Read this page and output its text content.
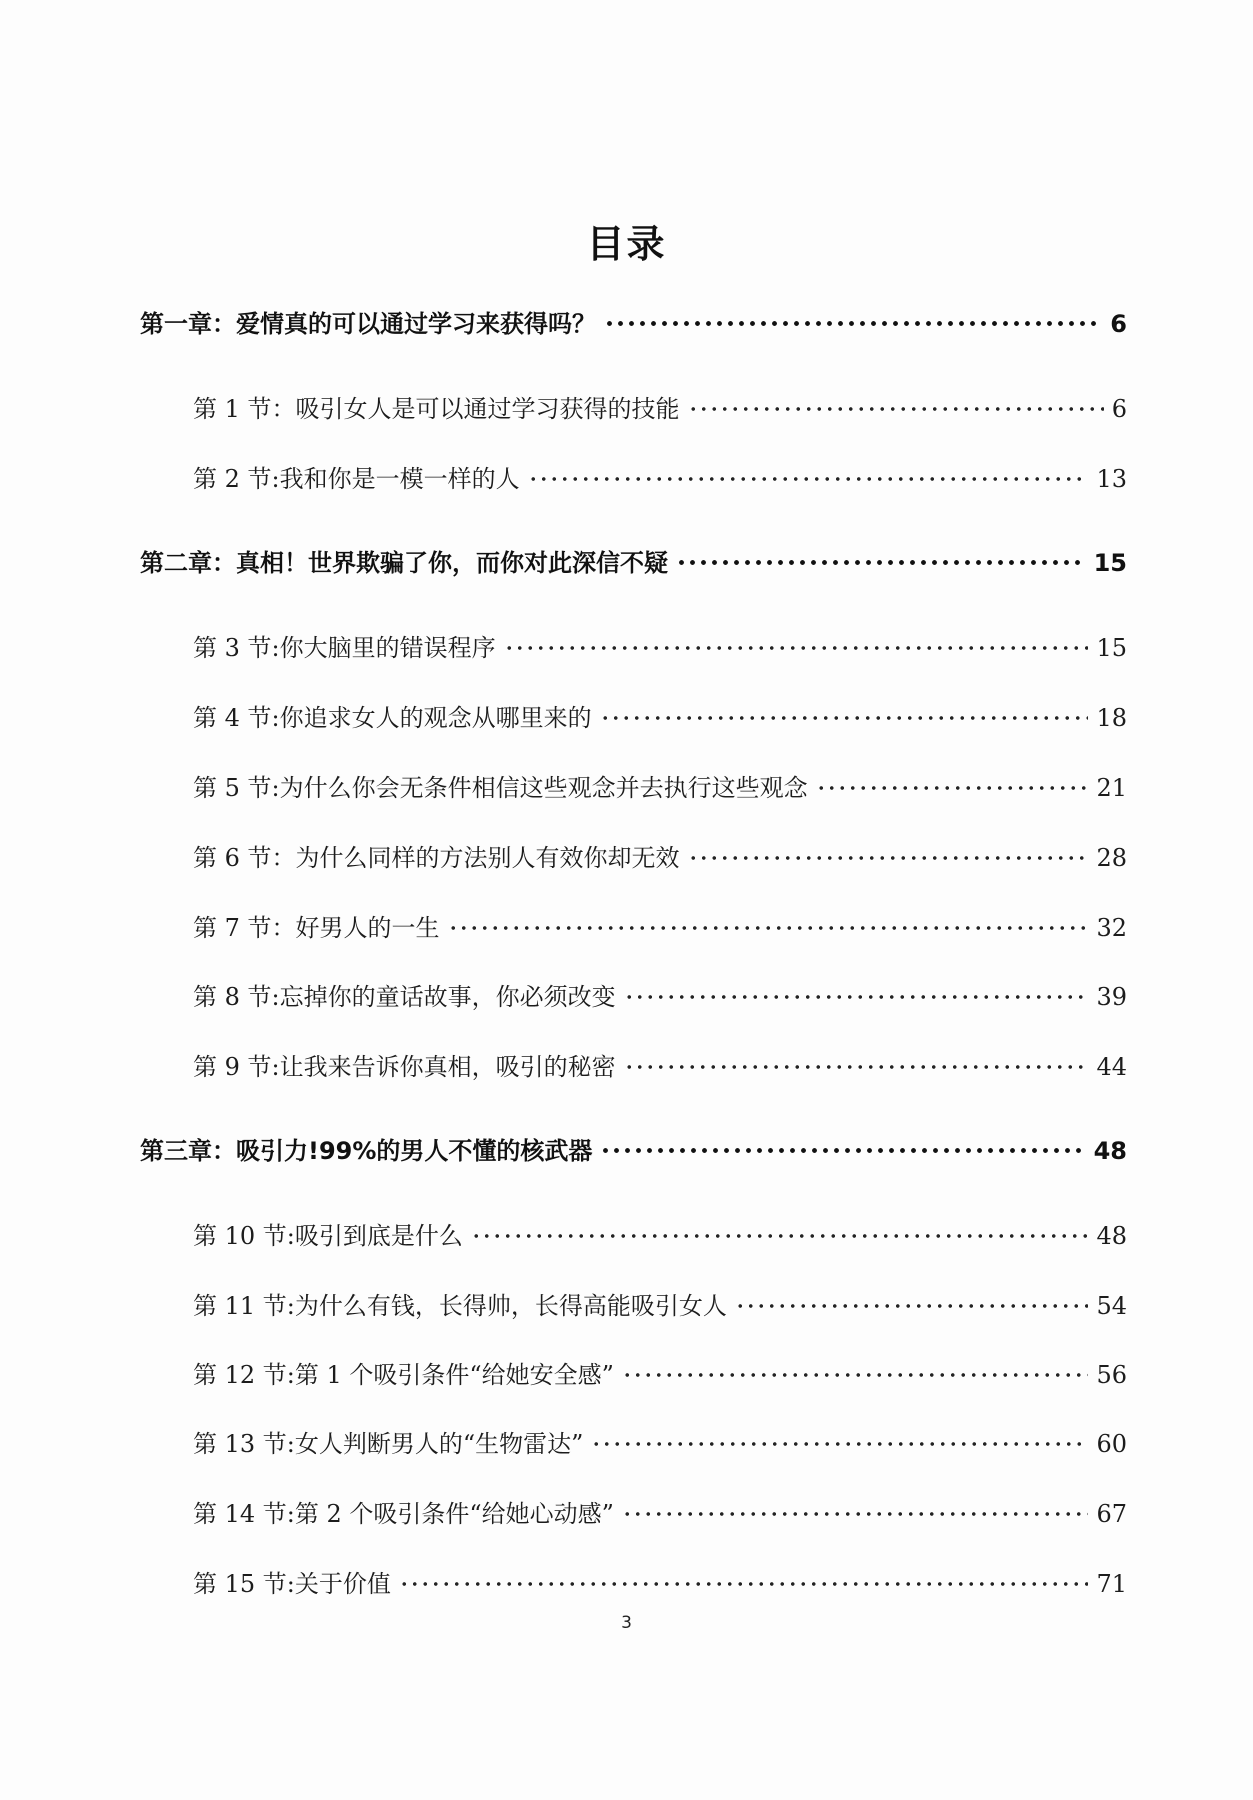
目录
第一章：爱情真的可以通过学习来获得吗？	6
第 1 节：吸引女人是可以通过学习获得的技能	6
第 2 节:我和你是一模一样的人	13
第二章：真相！世界欺骗了你，而你对此深信不疑	15
第 3 节:你大脑里的错误程序	15
第 4 节:你追求女人的观念从哪里来的	18
第 5 节:为什么你会无条件相信这些观念并去执行这些观念	21
第 6 节：为什么同样的方法别人有效你却无效	28
第 7 节：好男人的一生	32
第 8 节:忘掉你的童话故事，你必须改变	39
第 9 节:让我来告诉你真相，吸引的秘密	44
第三章：吸引力!99%的男人不懂的核武器	48
第 10 节:吸引到底是什么	48
第 11 节:为什么有钱，长得帅，长得高能吸引女人	54
第 12 节:第 1 个吸引条件“给她安全感”	56
第 13 节:女人判断男人的“生物雷达”	60
第 14 节:第 2 个吸引条件“给她心动感”	67
第 15 节:关于价值	71
3
